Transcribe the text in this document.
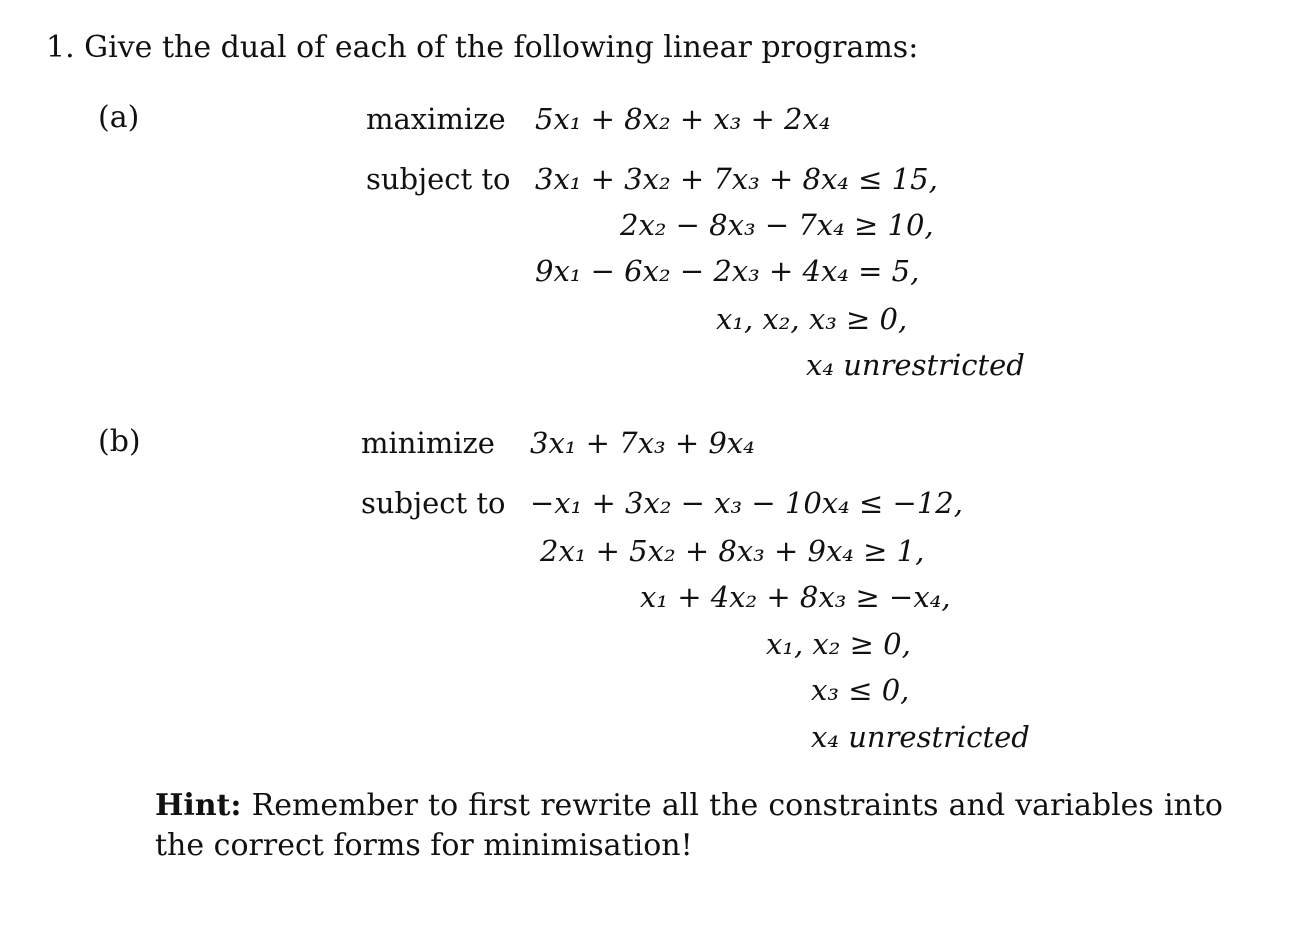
1. Give the dual of each of the following linear programs:
(a)	maximize 5x₁ + 8x₂ + x₃ + 2x₄
subject to 3x₁ + 3x₂ + 7x₃ + 8x₄ ≤ 15,
2x₂ − 8x₃ − 7x₄ ≥ 10,
9x₁ − 6x₂ − 2x₃ + 4x₄ = 5,
x₁, x₂, x₃ ≥ 0,
x₄ unrestricted
(b)	minimize 3x₁ + 7x₃ + 9x₄
subject to −x₁ + 3x₂ − x₃ − 10x₄ ≤ −12,
2x₁ + 5x₂ + 8x₃ + 9x₄ ≥ 1,
x₁ + 4x₂ + 8x₃ ≥ −x₄,
x₁, x₂ ≥ 0,
x₃ ≤ 0,
x₄ unrestricted
Hint: Remember to first rewrite all the constraints and variables into the correct forms for minimisation!
